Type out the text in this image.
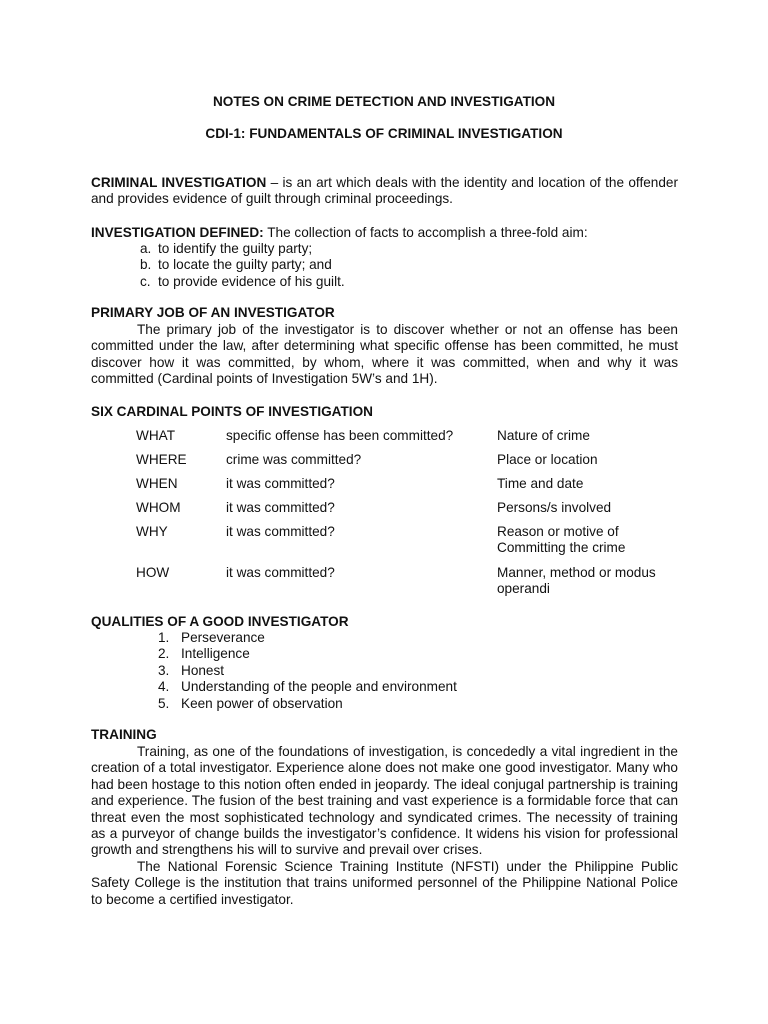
NOTES ON CRIME DETECTION AND INVESTIGATION
CDI-1: FUNDAMENTALS OF CRIMINAL INVESTIGATION
CRIMINAL INVESTIGATION – is an art which deals with the identity and location of the offender and provides evidence of guilt through criminal proceedings.
INVESTIGATION DEFINED: The collection of facts to accomplish a three-fold aim:
a. to identify the guilty party;
b. to locate the guilty party; and
c. to provide evidence of his guilt.
PRIMARY JOB OF AN INVESTIGATOR
The primary job of the investigator is to discover whether or not an offense has been committed under the law, after determining what specific offense has been committed, he must discover how it was committed, by whom, where it was committed, when and why it was committed (Cardinal points of Investigation 5W’s and 1H).
SIX CARDINAL POINTS OF INVESTIGATION
WHAT	specific offense has been committed?	Nature of crime
WHERE	crime was committed?	Place or location
WHEN	it was committed?	Time and date
WHOM	it was committed?	Persons/s involved
WHY	it was committed?	Reason or motive of Committing the crime
HOW	it was committed?	Manner, method or modus operandi
QUALITIES OF A GOOD INVESTIGATOR
1. Perseverance
2. Intelligence
3. Honest
4. Understanding of the people and environment
5. Keen power of observation
TRAINING
Training, as one of the foundations of investigation, is concededly a vital ingredient in the creation of a total investigator. Experience alone does not make one good investigator. Many who had been hostage to this notion often ended in jeopardy. The ideal conjugal partnership is training and experience. The fusion of the best training and vast experience is a formidable force that can threat even the most sophisticated technology and syndicated crimes. The necessity of training as a purveyor of change builds the investigator’s confidence. It widens his vision for professional growth and strengthens his will to survive and prevail over crises.
The National Forensic Science Training Institute (NFSTI) under the Philippine Public Safety College is the institution that trains uniformed personnel of the Philippine National Police to become a certified investigator.
